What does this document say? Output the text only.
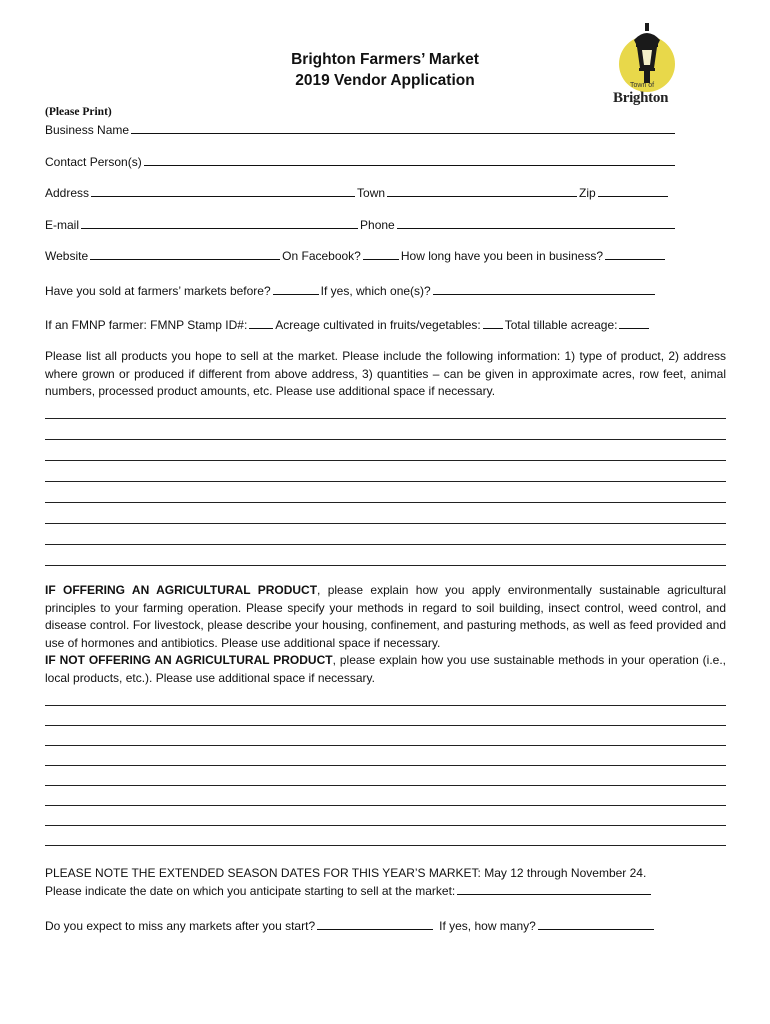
Brighton Farmers’ Market
2019 Vendor Application	Town of
Brighton
(Please Print)
Business Name
Contact Person(s)
Address	Town	Zip
E-mail	Phone
Website	On Facebook?	How long have you been in business?
Have you sold at farmers’ markets before?	If yes, which one(s)?
If an FMNP farmer: FMNP Stamp ID#: Acreage cultivated in fruits/vegetables: Total tillable acreage:
Please list all products you hope to sell at the market. Please include the following information: 1) type of product, 2) address where grown or produced if different from above address, 3) quantities – can be given in approximate acres, row feet, animal numbers, processed product amounts, etc. Please use additional space if necessary.
IF OFFERING AN AGRICULTURAL PRODUCT, please explain how you apply environmentally sustainable agricultural principles to your farming operation. Please specify your methods in regard to soil building, insect control, weed control, and disease control. For livestock, please describe your housing, confinement, and pasturing methods, as well as feed provided and use of hormones and antibiotics. Please use additional space if necessary.
IF NOT OFFERING AN AGRICULTURAL PRODUCT, please explain how you use sustainable methods in your operation (i.e., local products, etc.). Please use additional space if necessary.
PLEASE NOTE THE EXTENDED SEASON DATES FOR THIS YEAR’S MARKET: May 12 through November 24.
Please indicate the date on which you anticipate starting to sell at the market:
Do you expect to miss any markets after you start?	If yes, how many?
